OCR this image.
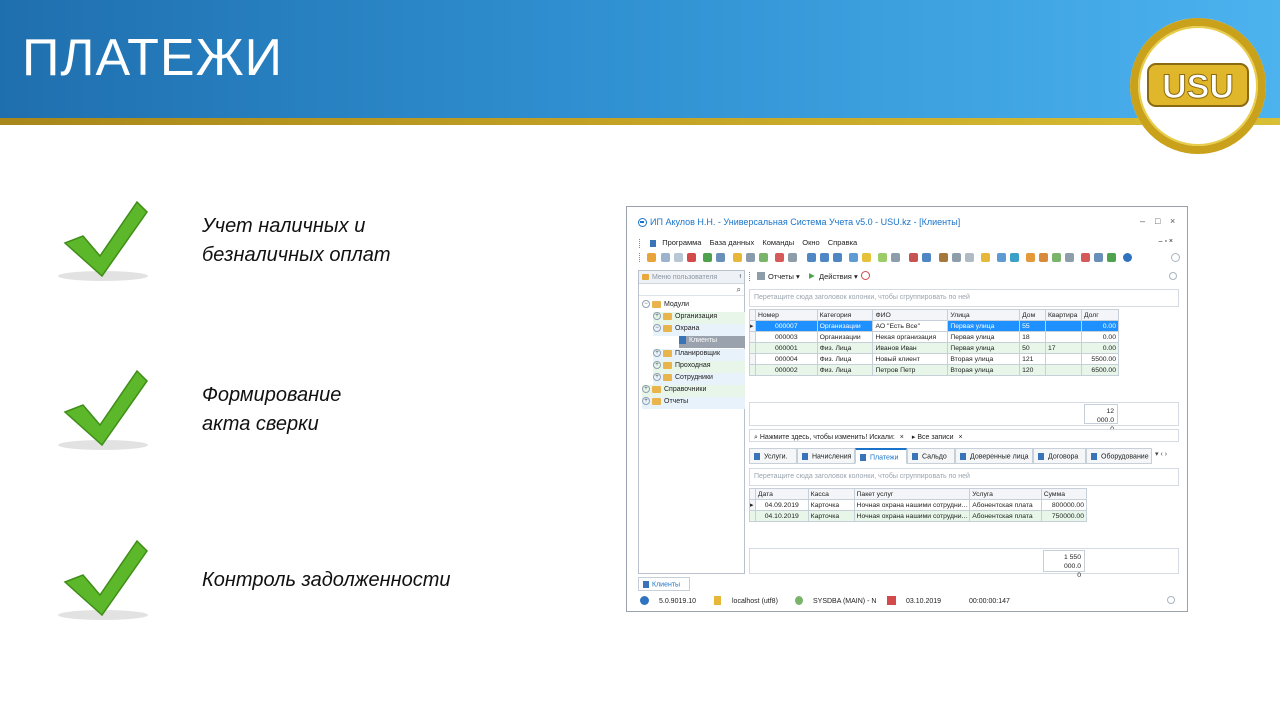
ПЛАТЕЖИ	USU
Учет наличных и
безналичных оплат
Формирование
акта сверки
Контроль задолженности
ИП Акулов Н.Н. - Универсальная Система Учета v5.0 - USU.kz - [Клиенты]	– □ ×
Программа База данных Команды Окно Справка	– ▫ ×
Меню пользователя	ᵻ
⌕
− Модули
+ Организация
− Охрана
Клиенты
+ Планировщик
+ Проходная
+ Сотрудники
+ Справочники
+ Отчеты
Отчеты ▾ ▶ Действия ▾
Перетащите сюда заголовок колонки, чтобы сгруппировать по ней
	Номер	Категория	ФИО	Улица	Дом	Квартира	Долг
▸	000007	Организации	АО "Есть Все"	Первая улица	55		0.00
	000003	Организации	Некая организация	Первая улица	18		0.00
	000001	Физ. Лица	Иванов Иван	Первая улица	50	17	0.00
	000004	Физ. Лица	Новый клиент	Вторая улица	121		5500.00
	000002	Физ. Лица	Петров Петр	Вторая улица	120		6500.00
12 000.0
⌕ Нажмите здесь, чтобы изменить! Искали: × ▸ Все записи ×
Услуги.	Начисления	Платежи	Сальдо	Доверенные лица	Договора	Оборудование ▾ ‹ ›
Перетащите сюда заголовок колонки, чтобы сгруппировать по ней
	Дата	Касса	Пакет услуг	Услуга	Сумма
▸	04.09.2019	Карточка	Ночная охрана нашими сотрудни...	Абонентская плата	800000.00
	04.10.2019	Карточка	Ночная охрана нашими сотрудни...	Абонентская плата	750000.00
1 550 000.0
0
Клиенты
5.0.9019.10	localhost (utf8)	SYSDBA (MAIN) - N	03.10.2019	00:00:00:147
